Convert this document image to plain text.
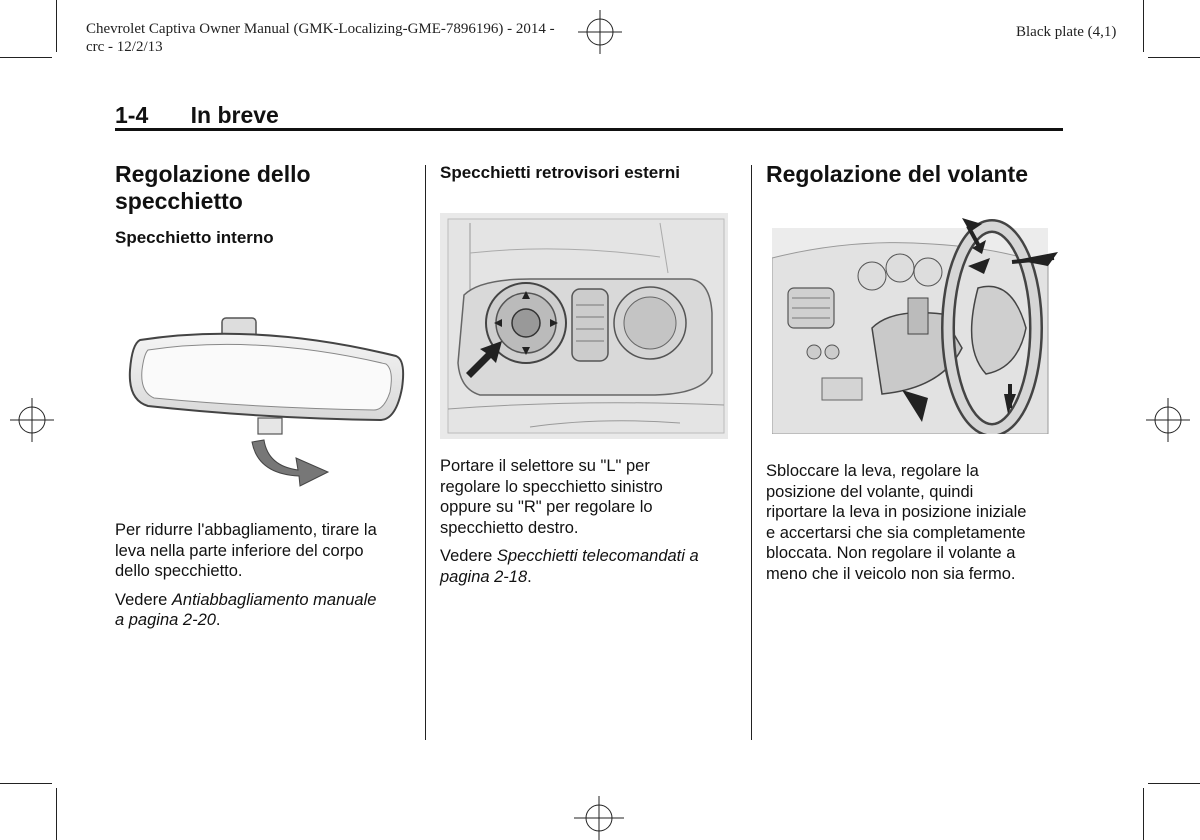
Chevrolet Captiva Owner Manual (GMK-Localizing-GME-7896196) - 2014 -
crc - 12/2/13
Black plate (4,1)
1-4 In breve
Regolazione dello
specchietto
Specchietto interno

Per ridurre l'abbagliamento, tirare la
leva nella parte inferiore del corpo
dello specchietto.

Vedere Antiabbagliamento manuale
a pagina 2-20.

Specchietti retrovisori esterni

Portare il selettore su "L" per
regolare lo specchietto sinistro
oppure su "R" per regolare lo
specchietto destro.

Vedere Specchietti telecomandati a
pagina 2-18.

Regolazione del volante

Sbloccare la leva, regolare la
posizione del volante, quindi
riportare la leva in posizione iniziale
e accertarsi che sia completamente
bloccata. Non regolare il volante a
meno che il veicolo non sia fermo.
